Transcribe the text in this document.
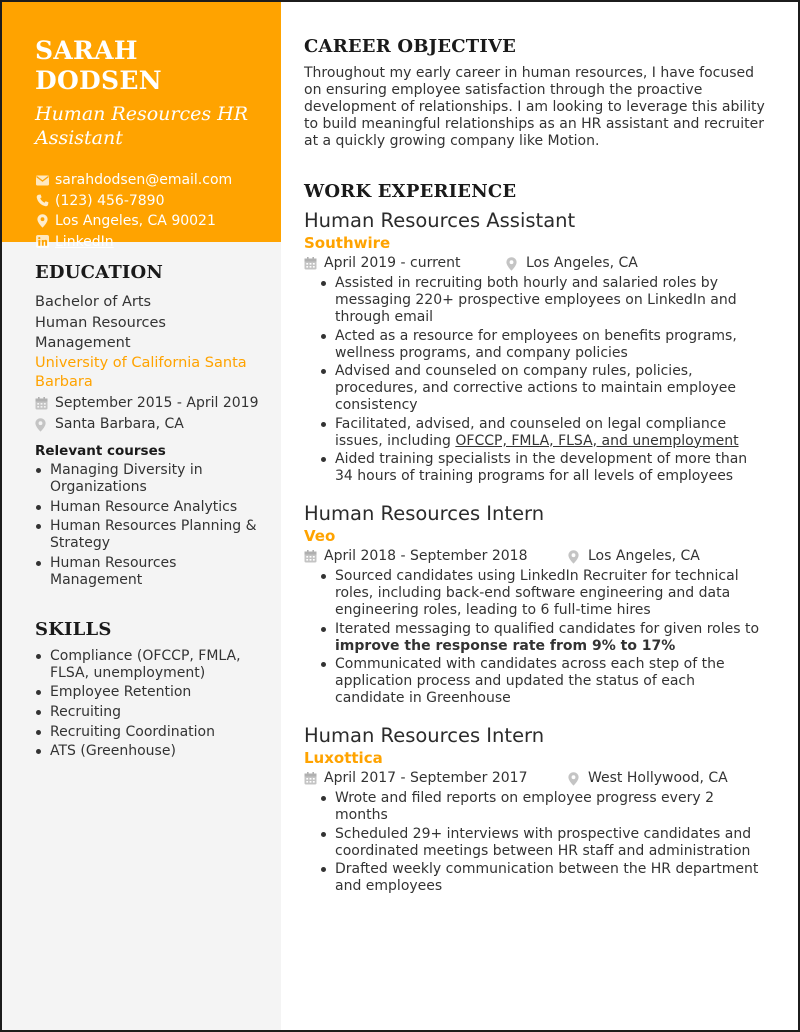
SARAH DODSEN
Human Resources HR Assistant
sarahdodsen@email.com
(123) 456-7890
Los Angeles, CA 90021
LinkedIn
EDUCATION
Bachelor of Arts
Human Resources Management
University of California Santa Barbara
September 2015 - April 2019
Santa Barbara, CA
Relevant courses
Managing Diversity in Organizations
Human Resource Analytics
Human Resources Planning & Strategy
Human Resources Management
SKILLS
Compliance (OFCCP, FMLA, FLSA, unemployment)
Employee Retention
Recruiting
Recruiting Coordination
ATS (Greenhouse)
CAREER OBJECTIVE
Throughout my early career in human resources, I have focused on ensuring employee satisfaction through the proactive development of relationships. I am looking to leverage this ability to build meaningful relationships as an HR assistant and recruiter at a quickly growing company like Motion.
WORK EXPERIENCE
Human Resources Assistant
Southwire
April 2019 - current	Los Angeles, CA
Assisted in recruiting both hourly and salaried roles by messaging 220+ prospective employees on LinkedIn and through email
Acted as a resource for employees on benefits programs, wellness programs, and company policies
Advised and counseled on company rules, policies, procedures, and corrective actions to maintain employee consistency
Facilitated, advised, and counseled on legal compliance issues, including OFCCP, FMLA, FLSA, and unemployment
Aided training specialists in the development of more than 34 hours of training programs for all levels of employees
Human Resources Intern
Veo
April 2018 - September 2018	Los Angeles, CA
Sourced candidates using LinkedIn Recruiter for technical roles, including back-end software engineering and data engineering roles, leading to 6 full-time hires
Iterated messaging to qualified candidates for given roles to improve the response rate from 9% to 17%
Communicated with candidates across each step of the application process and updated the status of each candidate in Greenhouse
Human Resources Intern
Luxottica
April 2017 - September 2017	West Hollywood, CA
Wrote and filed reports on employee progress every 2 months
Scheduled 29+ interviews with prospective candidates and coordinated meetings between HR staff and administration
Drafted weekly communication between the HR department and employees
